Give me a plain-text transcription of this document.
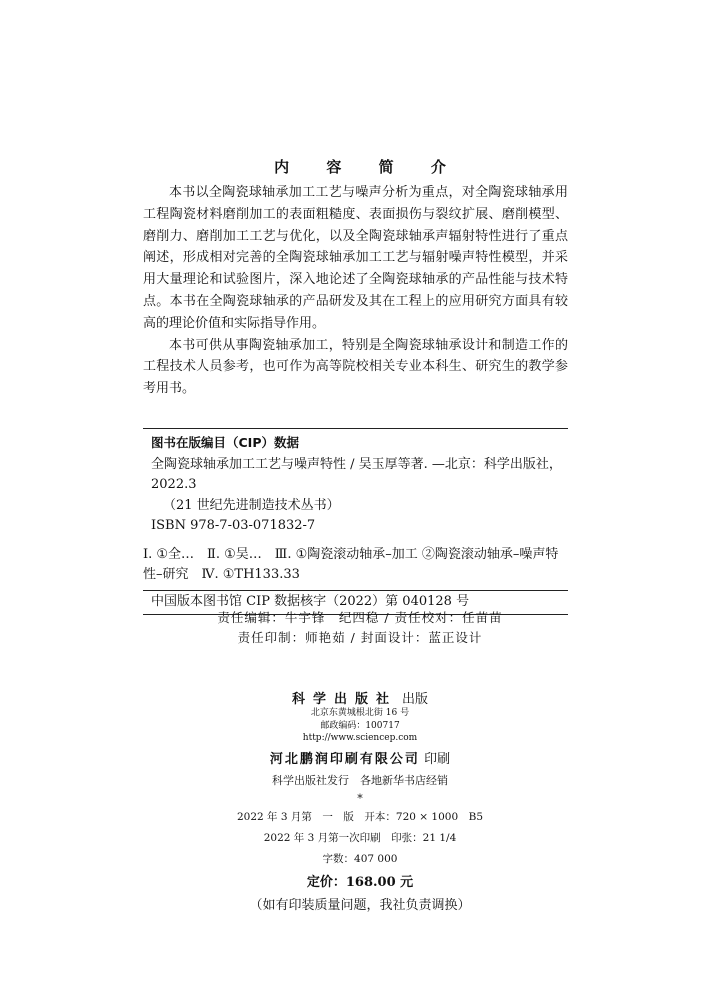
内 容 简 介

本书以全陶瓷球轴承加工工艺与噪声分析为重点，对全陶瓷球轴承用工程陶瓷材料磨削加工的表面粗糙度、表面损伤与裂纹扩展、磨削模型、磨削力、磨削加工工艺与优化，以及全陶瓷球轴承声辐射特性进行了重点阐述，形成相对完善的全陶瓷球轴承加工工艺与辐射噪声特性模型，并采用大量理论和试验图片，深入地论述了全陶瓷球轴承的产品性能与技术特点。本书在全陶瓷球轴承的产品研发及其在工程上的应用研究方面具有较高的理论价值和实际指导作用。

本书可供从事陶瓷轴承加工，特别是全陶瓷球轴承设计和制造工作的工程技术人员参考，也可作为高等院校相关专业本科生、研究生的教学参考用书。

图书在版编目（CIP）数据
全陶瓷球轴承加工工艺与噪声特性 / 吴玉厚等著. —北京：科学出版社，2022.3
（21 世纪先进制造技术丛书）
ISBN 978-7-03-071832-7
Ⅰ. ①全…　Ⅱ. ①吴…　Ⅲ. ①陶瓷滚动轴承–加工 ②陶瓷滚动轴承–噪声特性–研究　Ⅳ. ①TH133.33
中国版本图书馆 CIP 数据核字（2022）第 040128 号
责任编辑：牛宇锋　纪四稳 / 责任校对：任苗苗
责任印制：师艳茹 / 封面设计：蓝正设计
科学出版社 出版
北京东黄城根北街 16 号
邮政编码：100717
http://www.sciencep.com
河北鹏润印刷有限公司 印刷
科学出版社发行　各地新华书店经销
*
2022 年 3 月第　一　版　开本：720 × 1000　B5
2022 年 3 月第一次印刷　印张：21 1/4
字数：407 000
定价：168.00 元
（如有印装质量问题，我社负责调换）
